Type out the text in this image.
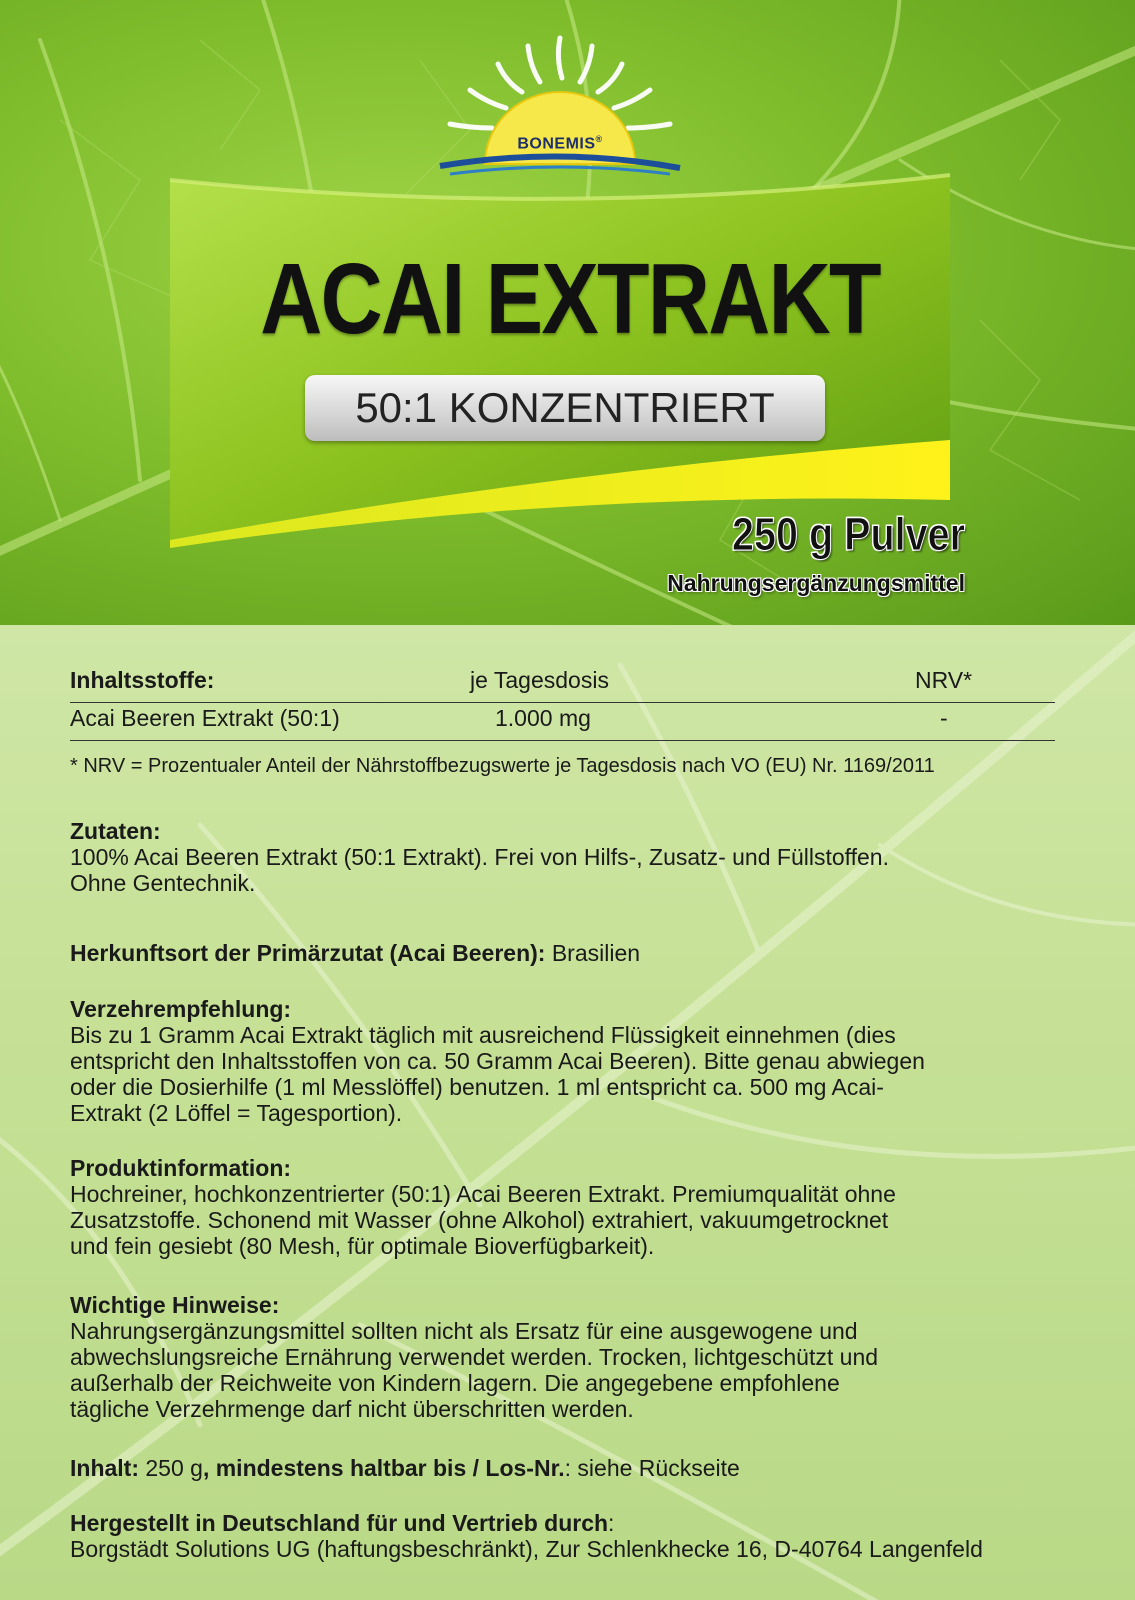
BONEMIS®
ACAI EXTRAKT
50:1 KONZENTRIERT
250 g Pulver
Nahrungsergänzungsmittel
Inhaltsstoffe:	je Tagesdosis	NRV*
Acai Beeren Extrakt (50:1)	1.000 mg	-
* NRV = Prozentualer Anteil der Nährstoffbezugswerte je Tagesdosis nach VO (EU) Nr. 1169/2011
Zutaten:
100% Acai Beeren Extrakt (50:1 Extrakt). Frei von Hilfs-, Zusatz- und Füllstoffen.
Ohne Gentechnik.
Herkunftsort der Primärzutat (Acai Beeren): Brasilien
Verzehrempfehlung:
Bis zu 1 Gramm Acai Extrakt täglich mit ausreichend Flüssigkeit einnehmen (dies
entspricht den Inhaltsstoffen von ca. 50 Gramm Acai Beeren). Bitte genau abwiegen
oder die Dosierhilfe (1 ml Messlöffel) benutzen. 1 ml entspricht ca. 500 mg Acai-
Extrakt (2 Löffel = Tagesportion).
Produktinformation:
Hochreiner, hochkonzentrierter (50:1) Acai Beeren Extrakt. Premiumqualität ohne
Zusatzstoffe. Schonend mit Wasser (ohne Alkohol) extrahiert, vakuumgetrocknet
und fein gesiebt (80 Mesh, für optimale Bioverfügbarkeit).
Wichtige Hinweise:
Nahrungsergänzungsmittel sollten nicht als Ersatz für eine ausgewogene und
abwechslungsreiche Ernährung verwendet werden. Trocken, lichtgeschützt und
außerhalb der Reichweite von Kindern lagern. Die angegebene empfohlene
tägliche Verzehrmenge darf nicht überschritten werden.
Inhalt: 250 g, mindestens haltbar bis / Los-Nr.: siehe Rückseite
Hergestellt in Deutschland für und Vertrieb durch:
Borgstädt Solutions UG (haftungsbeschränkt), Zur Schlenkhecke 16, D-40764 Langenfeld
